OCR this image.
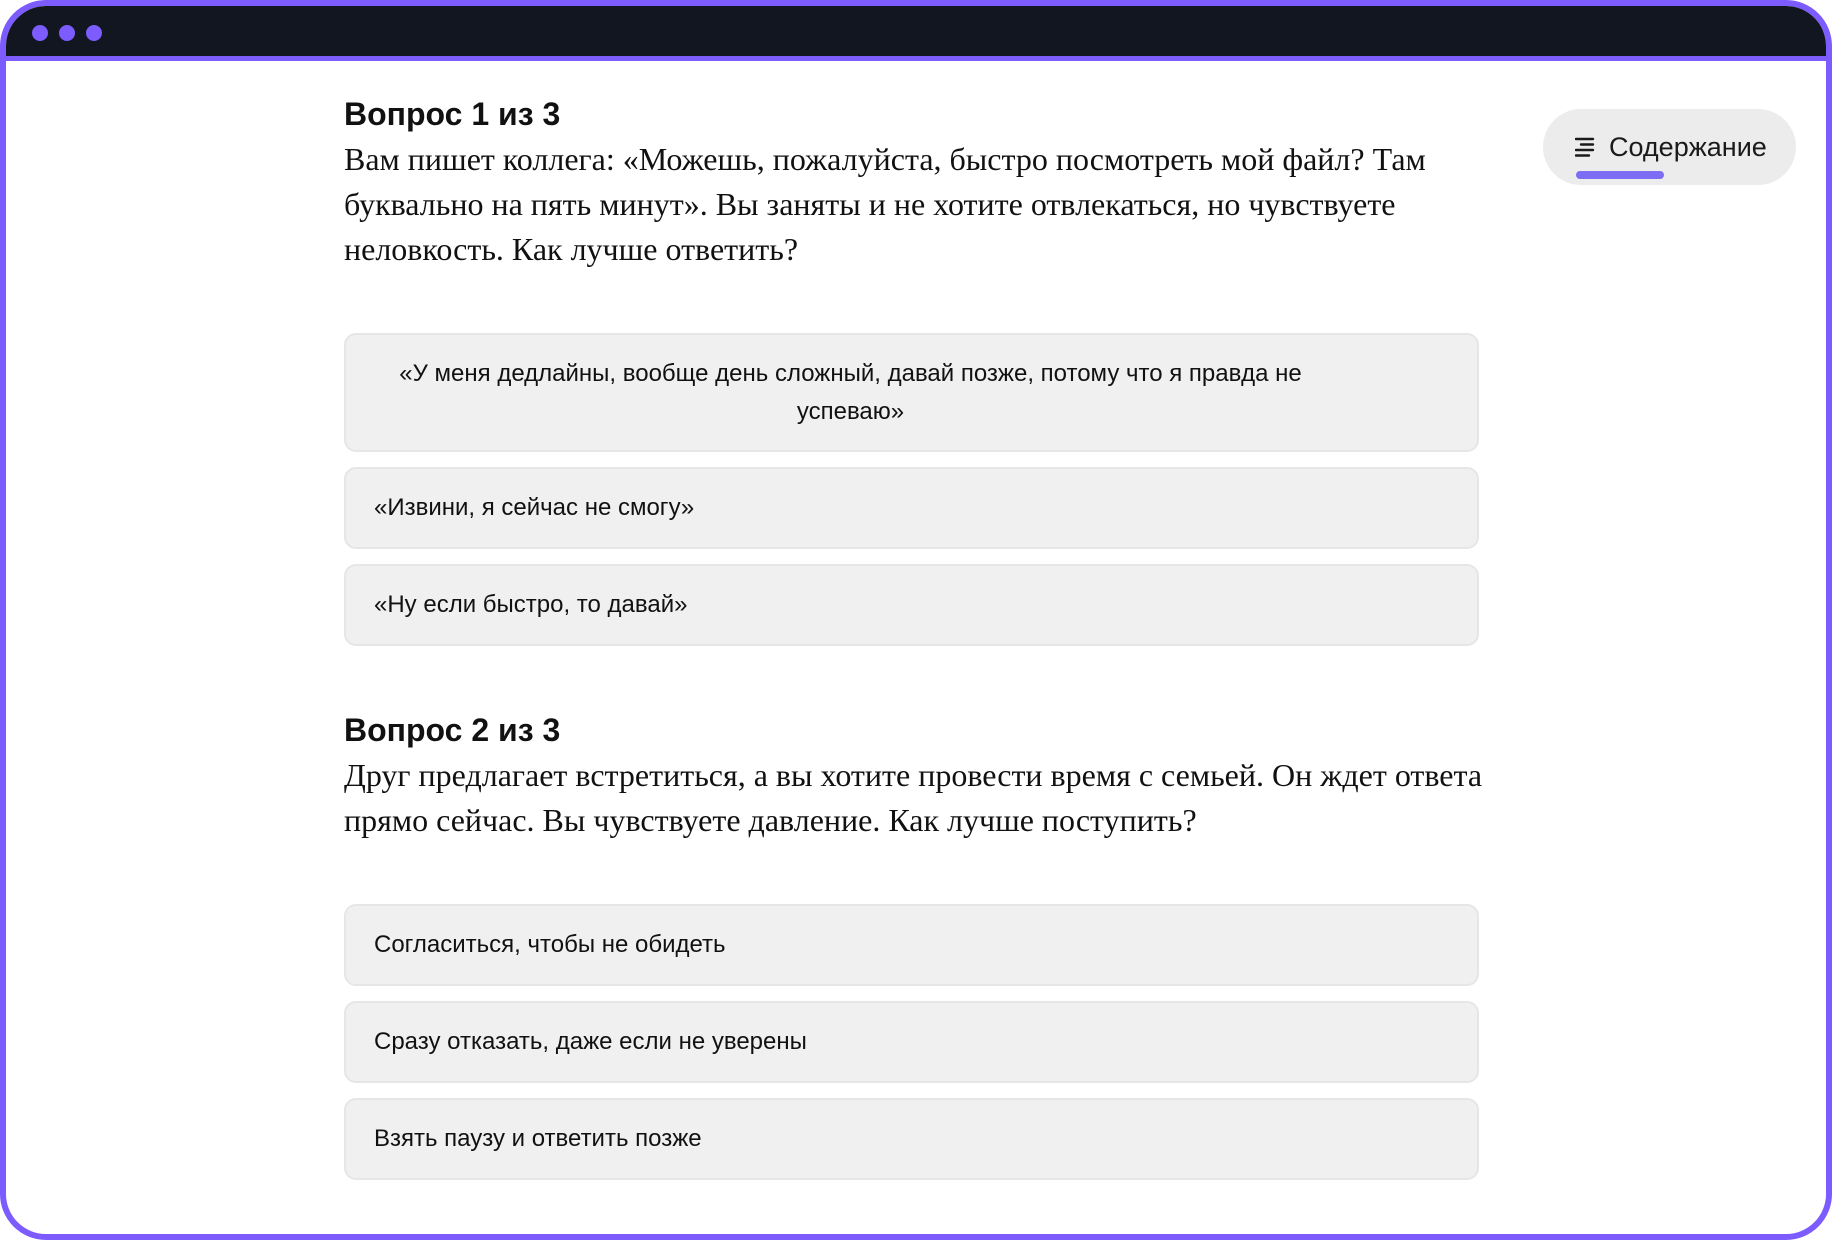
Вопрос 1 из 3

Вам пишет коллега: «Можешь, пожалуйста, быстро посмотреть мой файл? Там буквально на пять минут». Вы заняты и не хотите отвлекаться, но чувствуете неловкость. Как лучше ответить?

«У меня дедлайны, вообще день сложный, давай позже, потому что я правда не успеваю»
«Извини, я сейчас не смогу»
«Ну если быстро, то давай»
Вопрос 2 из 3

Друг предлагает встретиться, а вы хотите провести время с семьей. Он ждет ответа прямо сейчас. Вы чувствуете давление. Как лучше поступить?

Согласиться, чтобы не обидеть
Сразу отказать, даже если не уверены
Взять паузу и ответить позже
Содержание
